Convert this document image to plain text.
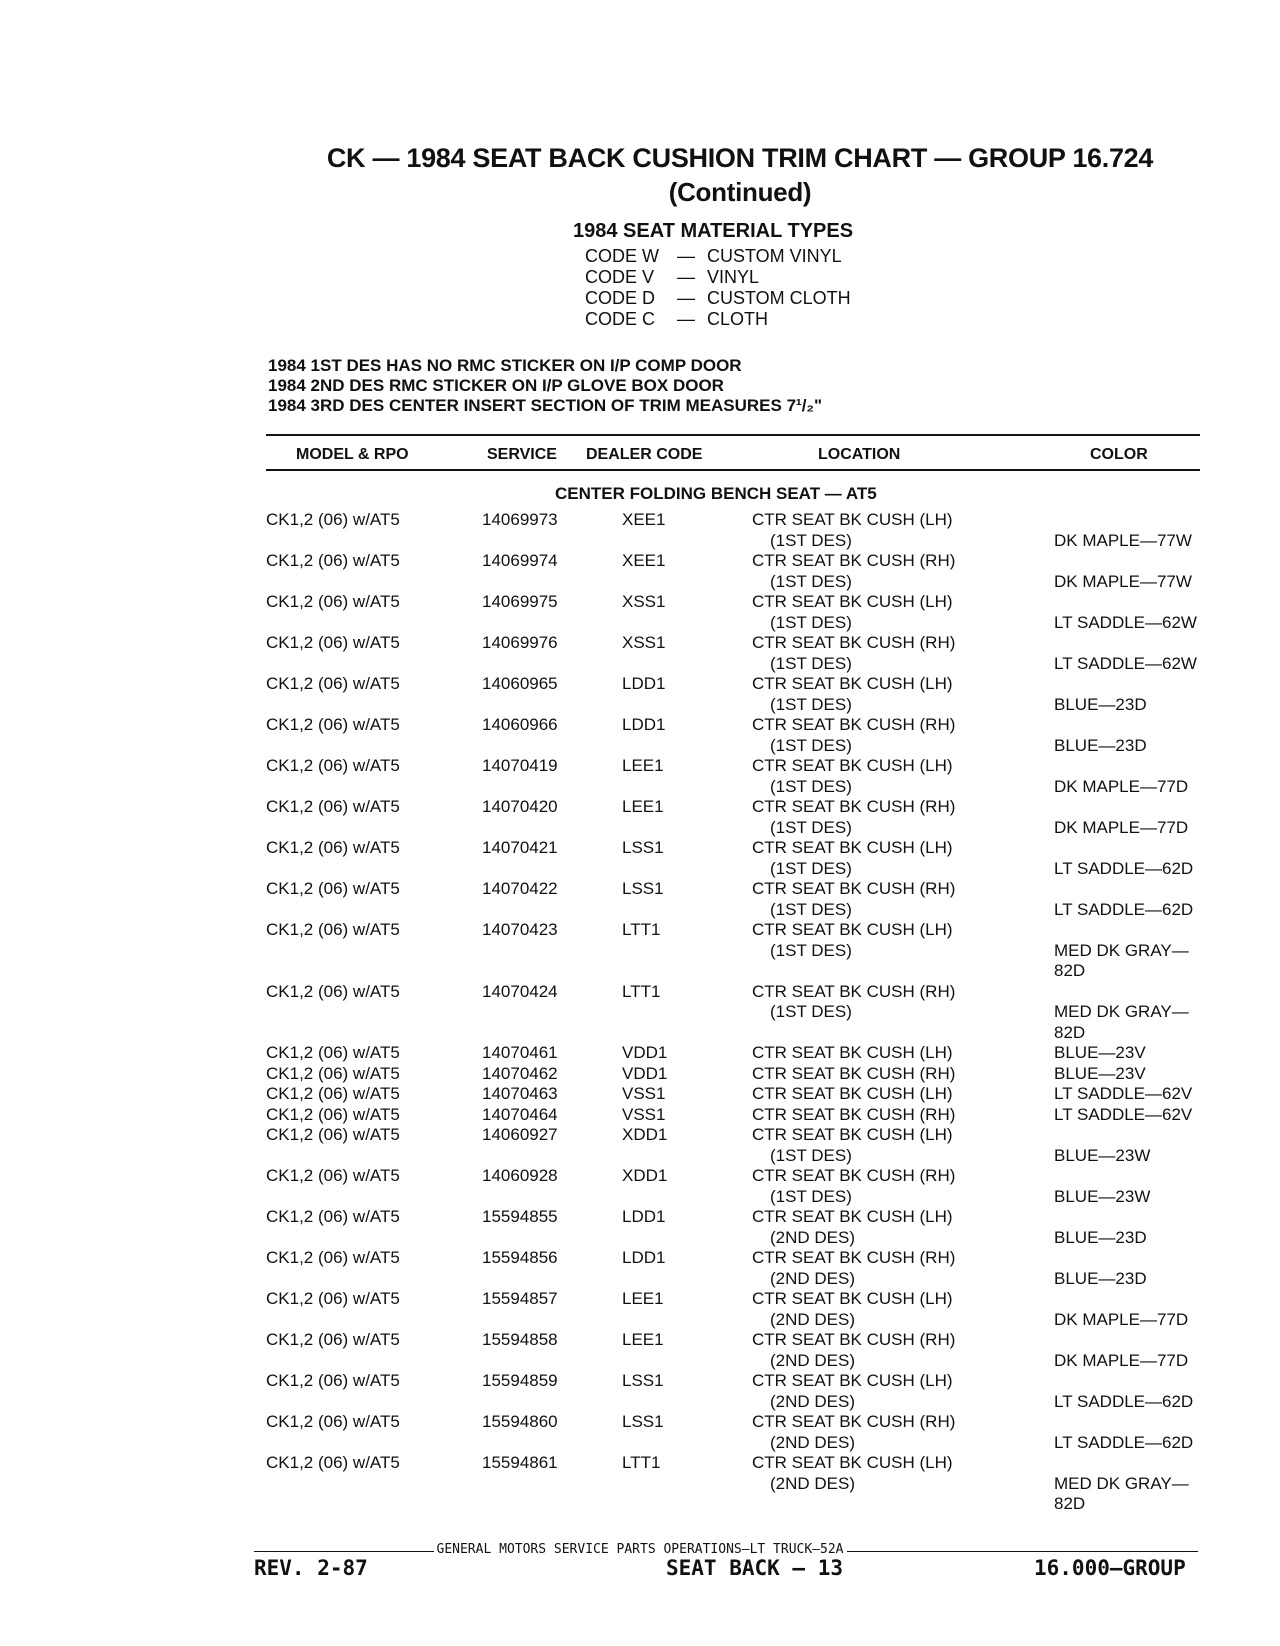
CK — 1984 SEAT BACK CUSHION TRIM CHART — GROUP 16.724
(Continued)
1984 SEAT MATERIAL TYPES
CODE W	— CUSTOM VINYL
CODE V	— VINYL
CODE D	— CUSTOM CLOTH
CODE C	— CLOTH
1984 1ST DES HAS NO RMC STICKER ON I/P COMP DOOR
1984 2ND DES RMC STICKER ON I/P GLOVE BOX DOOR
1984 3RD DES CENTER INSERT SECTION OF TRIM MEASURES 7¹/₂"
MODEL & RPO	SERVICE DEALER CODE	LOCATION	COLOR
CENTER FOLDING BENCH SEAT — AT5
CK1,2 (06) w/AT5	14069973	XEE1	CTR SEAT BK CUSH (LH)
(1ST DES)
	DK MAPLE—77W
CK1,2 (06) w/AT5	14069974	XEE1	CTR SEAT BK CUSH (RH)
(1ST DES)
	DK MAPLE—77W
CK1,2 (06) w/AT5	14069975	XSS1	CTR SEAT BK CUSH (LH)
(1ST DES)
	LT SADDLE—62W
CK1,2 (06) w/AT5	14069976	XSS1	CTR SEAT BK CUSH (RH)
(1ST DES)
	LT SADDLE—62W
CK1,2 (06) w/AT5	14060965	LDD1	CTR SEAT BK CUSH (LH)
(1ST DES)
	BLUE—23D
CK1,2 (06) w/AT5	14060966	LDD1	CTR SEAT BK CUSH (RH)
(1ST DES)
	BLUE—23D
CK1,2 (06) w/AT5	14070419	LEE1	CTR SEAT BK CUSH (LH)
(1ST DES)
	DK MAPLE—77D
CK1,2 (06) w/AT5	14070420	LEE1	CTR SEAT BK CUSH (RH)
(1ST DES)
	DK MAPLE—77D
CK1,2 (06) w/AT5	14070421	LSS1	CTR SEAT BK CUSH (LH)
(1ST DES)
	LT SADDLE—62D
CK1,2 (06) w/AT5	14070422	LSS1	CTR SEAT BK CUSH (RH)
(1ST DES)
	LT SADDLE—62D
CK1,2 (06) w/AT5	14070423	LTT1	CTR SEAT BK CUSH (LH)
(1ST DES)
	MED DK GRAY—
82D
CK1,2 (06) w/AT5	14070424	LTT1	CTR SEAT BK CUSH (RH)
(1ST DES)
	MED DK GRAY—
82D
CK1,2 (06) w/AT5	14070461	VDD1	CTR SEAT BK CUSH (LH)	BLUE—23V
CK1,2 (06) w/AT5	14070462	VDD1	CTR SEAT BK CUSH (RH)	BLUE—23V
CK1,2 (06) w/AT5	14070463	VSS1	CTR SEAT BK CUSH (LH)	LT SADDLE—62V
CK1,2 (06) w/AT5	14070464	VSS1	CTR SEAT BK CUSH (RH)	LT SADDLE—62V
CK1,2 (06) w/AT5	14060927	XDD1	CTR SEAT BK CUSH (LH)
(1ST DES)
	BLUE—23W
CK1,2 (06) w/AT5	14060928	XDD1	CTR SEAT BK CUSH (RH)
(1ST DES)
	BLUE—23W
CK1,2 (06) w/AT5	15594855	LDD1	CTR SEAT BK CUSH (LH)
(2ND DES)
	BLUE—23D
CK1,2 (06) w/AT5	15594856	LDD1	CTR SEAT BK CUSH (RH)
(2ND DES)
	BLUE—23D
CK1,2 (06) w/AT5	15594857	LEE1	CTR SEAT BK CUSH (LH)
(2ND DES)
	DK MAPLE—77D
CK1,2 (06) w/AT5	15594858	LEE1	CTR SEAT BK CUSH (RH)
(2ND DES)
	DK MAPLE—77D
CK1,2 (06) w/AT5	15594859	LSS1	CTR SEAT BK CUSH (LH)
(2ND DES)
	LT SADDLE—62D
CK1,2 (06) w/AT5	15594860	LSS1	CTR SEAT BK CUSH (RH)
(2ND DES)
	LT SADDLE—62D
CK1,2 (06) w/AT5	15594861	LTT1	CTR SEAT BK CUSH (LH)
(2ND DES)
	MED DK GRAY—
82D
GENERAL MOTORS SERVICE PARTS OPERATIONS—LT TRUCK—52A
REV. 2-87	SEAT BACK — 13	16.000—GROUP
